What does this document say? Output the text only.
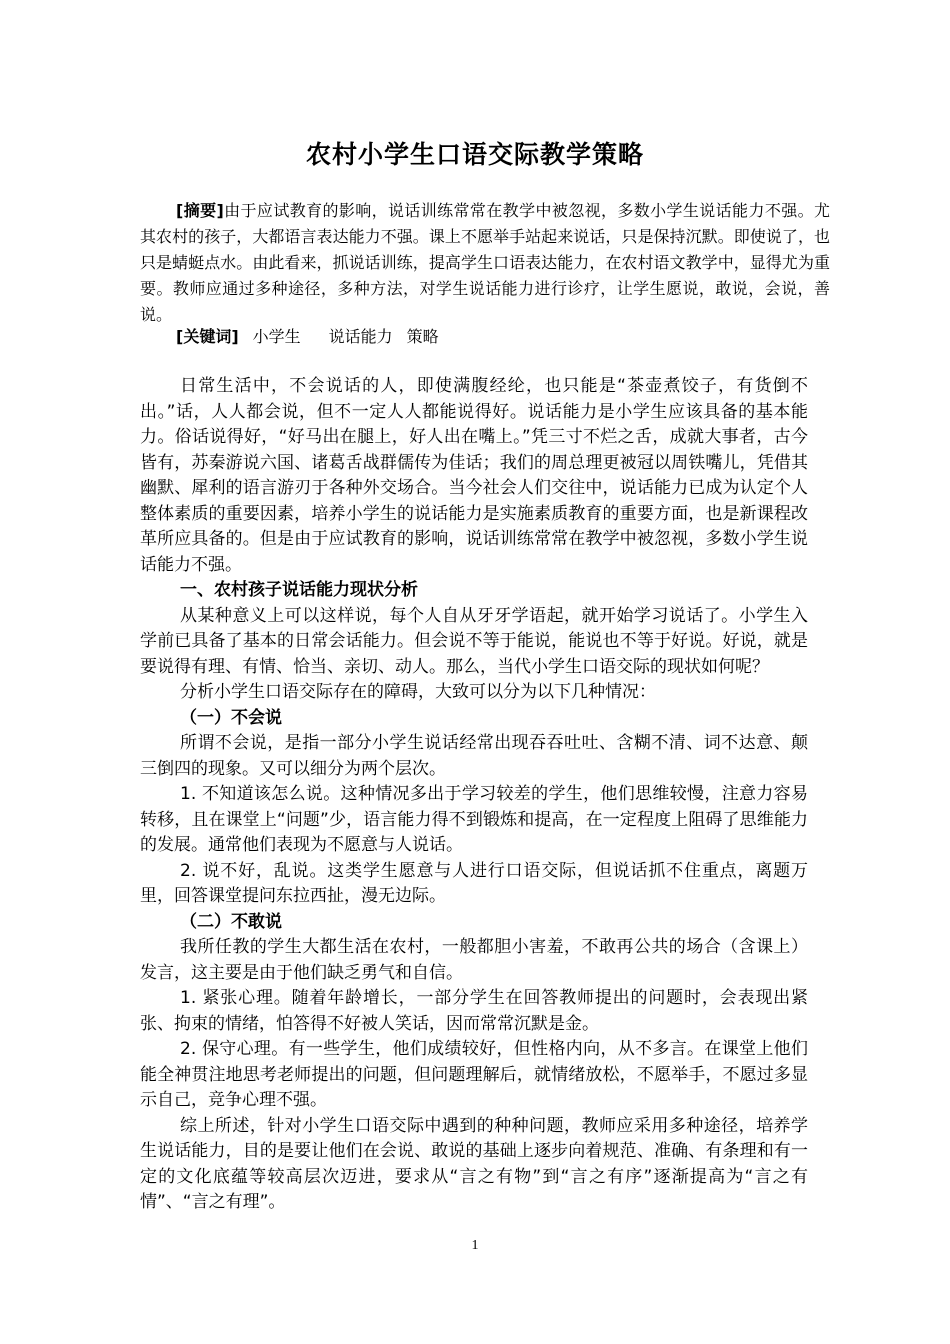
农村小学生口语交际教学策略

[摘要]由于应试教育的影响，说话训练常常在教学中被忽视，多数小学生说话能力不强。尤其农村的孩子，大都语言表达能力不强。课上不愿举手站起来说话，只是保持沉默。即使说了，也只是蜻蜓点水。由此看来，抓说话训练，提高学生口语表达能力，在农村语文教学中，显得尤为重要。教师应通过多种途径，多种方法，对学生说话能力进行诊疗，让学生愿说，敢说，会说，善说。

[关键词] 小学生 说话能力 策略

日常生活中，不会说话的人，即使满腹经纶，也只能是“茶壶煮饺子，有货倒不出。”话，人人都会说，但不一定人人都能说得好。说话能力是小学生应该具备的基本能力。俗话说得好，“好马出在腿上，好人出在嘴上。”凭三寸不烂之舌，成就大事者，古今皆有，苏秦游说六国、诸葛舌战群儒传为佳话；我们的周总理更被冠以周铁嘴儿，凭借其幽默、犀利的语言游刃于各种外交场合。当今社会人们交往中，说话能力已成为认定个人整体素质的重要因素，培养小学生的说话能力是实施素质教育的重要方面，也是新课程改革所应具备的。但是由于应试教育的影响，说话训练常常在教学中被忽视，多数小学生说话能力不强。

一、农村孩子说话能力现状分析

从某种意义上可以这样说，每个人自从牙牙学语起，就开始学习说话了。小学生入学前已具备了基本的日常会话能力。但会说不等于能说，能说也不等于好说。好说，就是要说得有理、有情、恰当、亲切、动人。那么，当代小学生口语交际的现状如何呢？

分析小学生口语交际存在的障碍，大致可以分为以下几种情况：

（一）不会说

所谓不会说，是指一部分小学生说话经常出现吞吞吐吐、含糊不清、词不达意、颠三倒四的现象。又可以细分为两个层次。

1. 不知道该怎么说。这种情况多出于学习较差的学生，他们思维较慢，注意力容易转移，且在课堂上“问题”少，语言能力得不到锻炼和提高，在一定程度上阻碍了思维能力的发展。通常他们表现为不愿意与人说话。

2. 说不好，乱说。这类学生愿意与人进行口语交际，但说话抓不住重点，离题万里，回答课堂提问东拉西扯，漫无边际。

（二）不敢说

我所任教的学生大都生活在农村，一般都胆小害羞，不敢再公共的场合（含课上）发言，这主要是由于他们缺乏勇气和自信。

1. 紧张心理。随着年龄增长，一部分学生在回答教师提出的问题时，会表现出紧张、拘束的情绪，怕答得不好被人笑话，因而常常沉默是金。

2. 保守心理。有一些学生，他们成绩较好，但性格内向，从不多言。在课堂上他们能全神贯注地思考老师提出的问题，但问题理解后，就情绪放松，不愿举手，不愿过多显示自己，竞争心理不强。

综上所述，针对小学生口语交际中遇到的种种问题，教师应采用多种途径，培养学生说话能力，目的是要让他们在会说、敢说的基础上逐步向着规范、准确、有条理和有一定的文化底蕴等较高层次迈进，要求从“言之有物”到“言之有序”逐渐提高为“言之有情”、“言之有理”。

1
